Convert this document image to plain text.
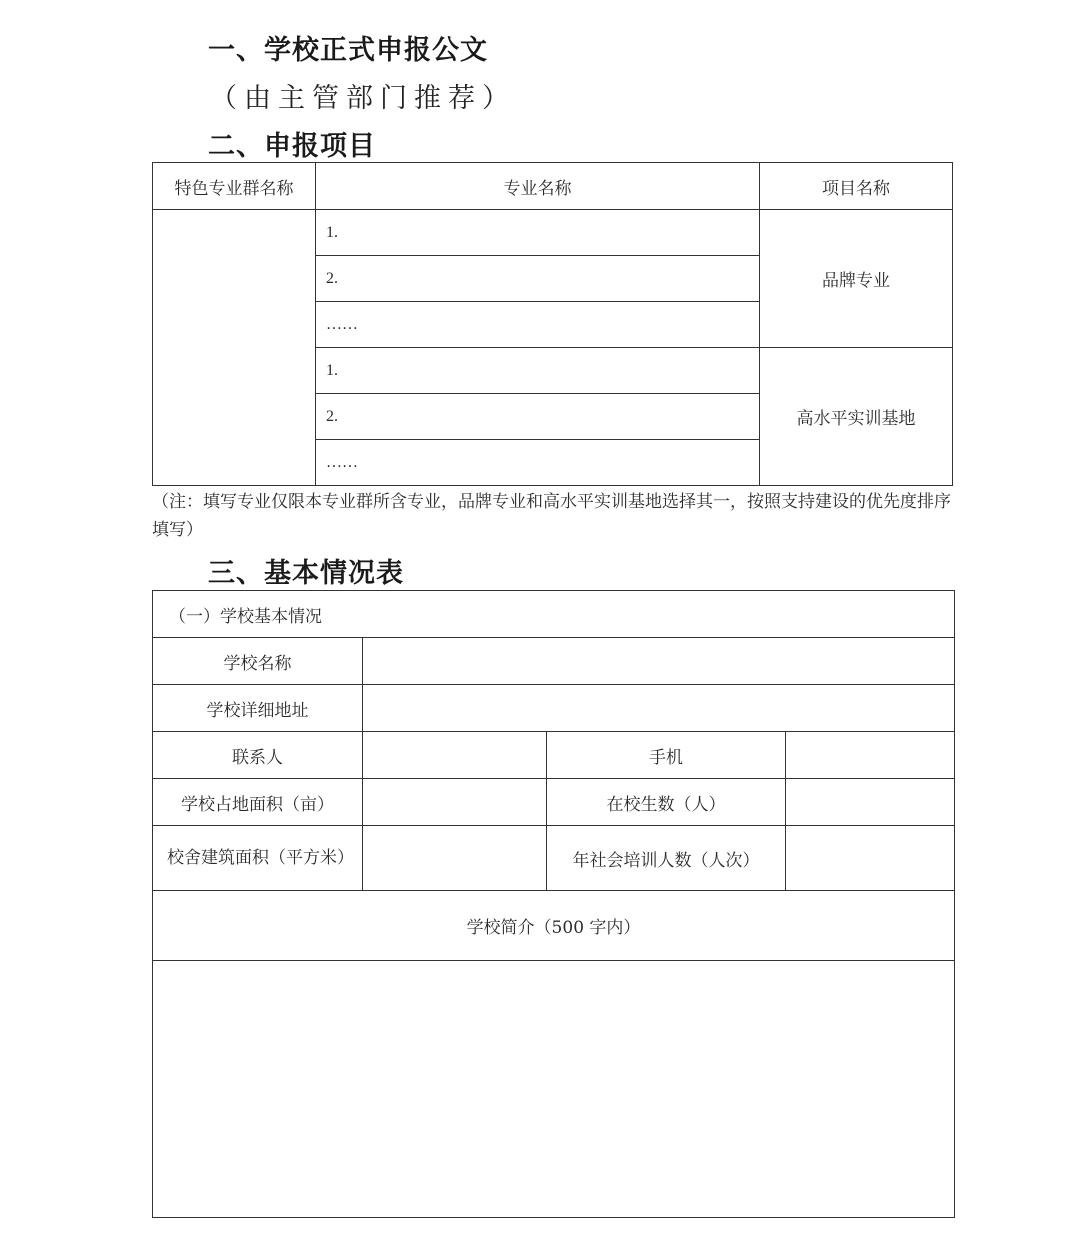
一、学校正式申报公文
（由主管部门推荐）
二、申报项目
特色专业群名称	专业名称	项目名称
	1.	品牌专业
	2.	
	……	
	1.	高水平实训基地
	2.	
	……	
（注：填写专业仅限本专业群所含专业，品牌专业和高水平实训基地选择其一，按照支持建设的优先度排序填写）
三、基本情况表
（一）学校基本情况			
学校名称			
学校详细地址			
联系人		手机	
学校占地面积（亩）		在校生数（人）	
校舍建筑面积（平方米）		年社会培训人数（人次）	
学校简介（500 字内）			
